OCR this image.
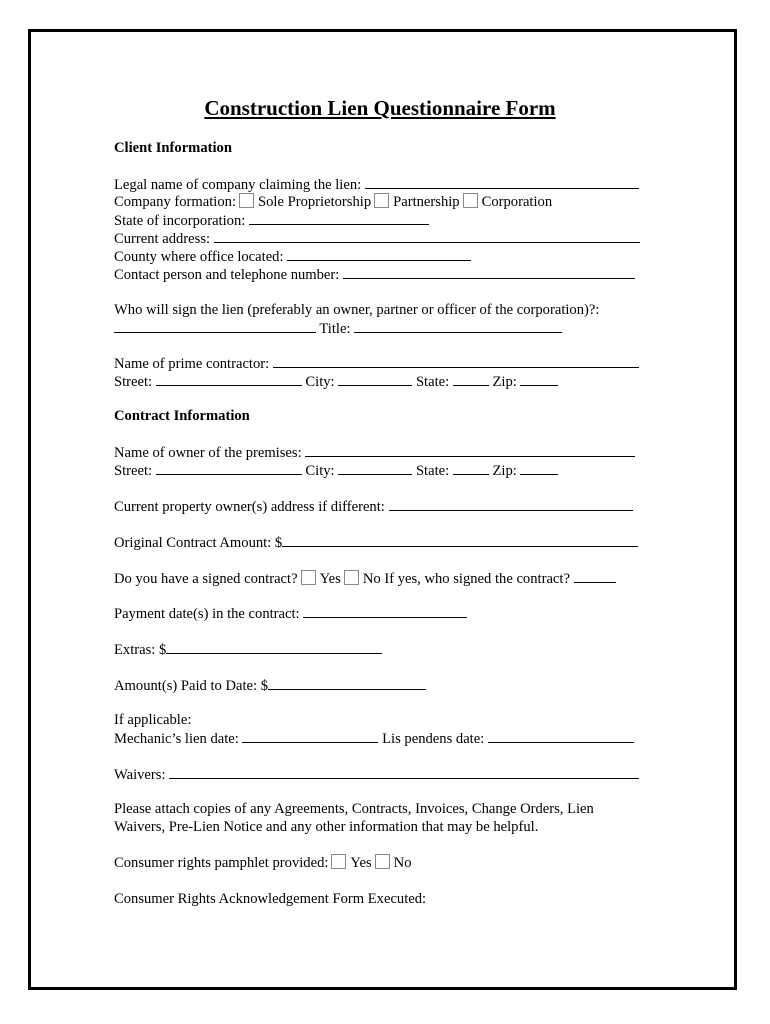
Construction Lien Questionnaire Form
Client Information
Legal name of company claiming the lien:
Company formation: Sole Proprietorship Partnership Corporation
State of incorporation:
Current address:
County where office located:
Contact person and telephone number:
Who will sign the lien (preferably an owner, partner or officer of the corporation)?:
Title:
Name of prime contractor:
Street:	City:	State:	Zip:
Contract Information
Name of owner of the premises:
Street:	City:	State:	Zip:
Current property owner(s) address if different:
Original Contract Amount: $
Do you have a signed contract? Yes No If yes, who signed the contract?
Payment date(s) in the contract:
Extras: $
Amount(s) Paid to Date: $
If applicable:
Mechanic’s lien date:	Lis pendens date:
Waivers:
Please attach copies of any Agreements, Contracts, Invoices, Change Orders, Lien Waivers, Pre-Lien Notice and any other information that may be helpful.
Consumer rights pamphlet provided: Yes No
Consumer Rights Acknowledgement Form Executed:
